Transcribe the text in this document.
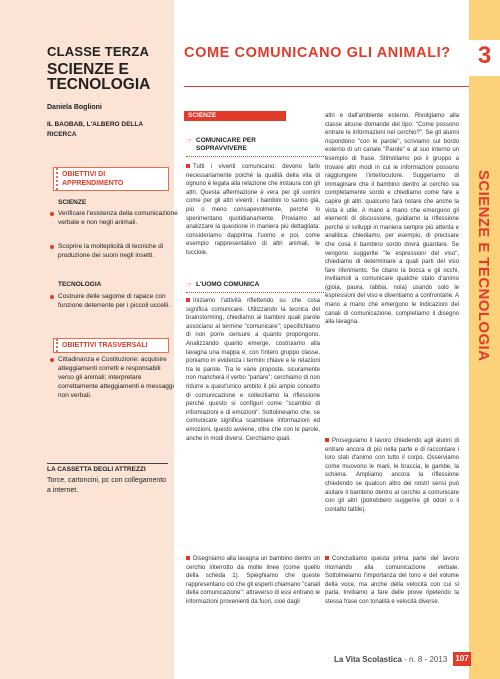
CLASSE TERZA
SCIENZE E TECNOLOGIA
Daniela Boglioni
IL BAOBAB, L'ALBERO DELLA RICERCA
OBIETTIVI DI APPRENDIMENTO
SCIENZE
Verificare l'esistenza della comunicazione verbale e non negli animali.
Scoprire la molteplicità di tecniche di produzione dei suoni negli insetti.
TECNOLOGIA
Costruire delle sagome di rapace con funzione deterrente per i piccoli uccelli.
OBIETTIVI TRASVERSALI
Cittadinanza e Costituzione: acquisire atteggiamenti corretti e responsabili verso gli animali; interpretare correttamente atteggiamenti e messaggi non verbali.
LA CASSETTA DEGLI ATTREZZI
Torce, cartoncini, pc con collegamento a internet.
COME COMUNICANO GLI ANIMALI?
SCIENZE
☞ COMUNICARE PER SOPRAVVIVERE
Tutti i viventi comunicano: devono farlo necessariamente poiché la qualità della vita di ognuno è legata alla relazione che instaura con gli altri. Questa affermazione è vera per gli uomini come per gli altri viventi: i bambini lo sanno già, più o meno consapevolmente, perché lo sperimentano quotidianamente. Proviamo ad analizzare la questione in maniera più dettagliata: consideriamo dapprima l'uomo e poi, come esempio rappresentativo di altri animali, le lucciole.
☞ L'UOMO COMUNICA
Iniziamo l'attività riflettendo su che cosa significa comunicare. Utilizzando la tecnica del brainstorming, chiediamo ai bambini quali parole associano al termine "comunicare"; specifichiamo di non porre censure a quanto propongono. Analizzando quanto emerge, costruiamo alla lavagna una mappa e, con l'intero gruppo classe, poniamo in evidenza i termini chiave e le relazioni tra le parole. Tra le varie proposte, sicuramente non mancherà il verbo "parlare"; cerchiamo di non ridurre a quest'unico ambito il più ampio concetto di comunicazione e sollecitiamo la riflessione perché questo si configuri come "scambio di informazioni e di emozioni". Sottolineiamo che, se comunicare significa scambiare informazioni ed emozioni, questo avviene, oltre che con le parole, anche in modi diversi. Cerchiamo quali.
Disegniamo alla lavagna un bambino dentro un cerchio interrotto da molte linee (come quello della scheda 1). Spieghiamo che queste rappresentano ciò che gli esperti chiamano "canali della comunicazione": attraverso di essi entrano le informazioni provenienti da fuori, cioè dagli
altri e dall'ambiente esterno. Rivolgiamo alla classe alcune domande del tipo: "Come possono entrare le informazioni nel cerchio?". Se gli alunni rispondono "con le parole", scriviamo sul bordo esterno di un canale "Parole" e al suo interno un esempio di frase. Stimoliamo poi il gruppo a trovare altri modi in cui le informazioni possono raggiungere l'interlocutore. Suggeriamo di immaginare che il bambino dentro al cerchio sia completamente sordo e chiediamo come fare a capire gli altri: qualcuno farà notare che anche la vista è utile. A mano a mano che emergono gli elementi di discussione, guidiamo la riflessione perché si sviluppi in maniera sempre più attenta e analitica: chiediamo, per esempio, di precisare che cosa il bambino sordo dovrà guardare. Se vengono suggerite "le espressioni del viso", chiediamo di determinare a quali parti del viso fare riferimento. Se citano la bocca e gli occhi, invitiamoli a comunicare qualche stato d'animo (gioia, paura, rabbia, noia) usando solo le espressioni del viso e diventiamo a confrontarle. A mano a mano che emergono le indicazioni dei canali di comunicazione, completiamo il disegno alla lavagna.
Proseguiamo il lavoro chiedendo agli alunni di entrare ancora di più nella parte e di raccontare i loro stati d'animo con tutto il corpo. Osserviamo come muovono le mani, le braccia, le gambe, la schiena. Ampliamo ancora la riflessione chiedendo se qualcun altro dei nostri sensi può aiutare il bambino dentro al cerchio a comunicare con gli altri (potrebbero suggerire gli odori o il contatto tattile).
Concludiamo questa prima parte del lavoro ritornando alla comunicazione verbale. Sottolineiamo l'importanza del tono e del volume della voce, ma anche della velocità con cui si parla. Invitiamo a fare delle prove ripetendo la stessa frase con tonalità e velocità diverse.
3
SCIENZE E TECNOLOGIA
La Vita Scolastica - n. 8 - 2013 107
